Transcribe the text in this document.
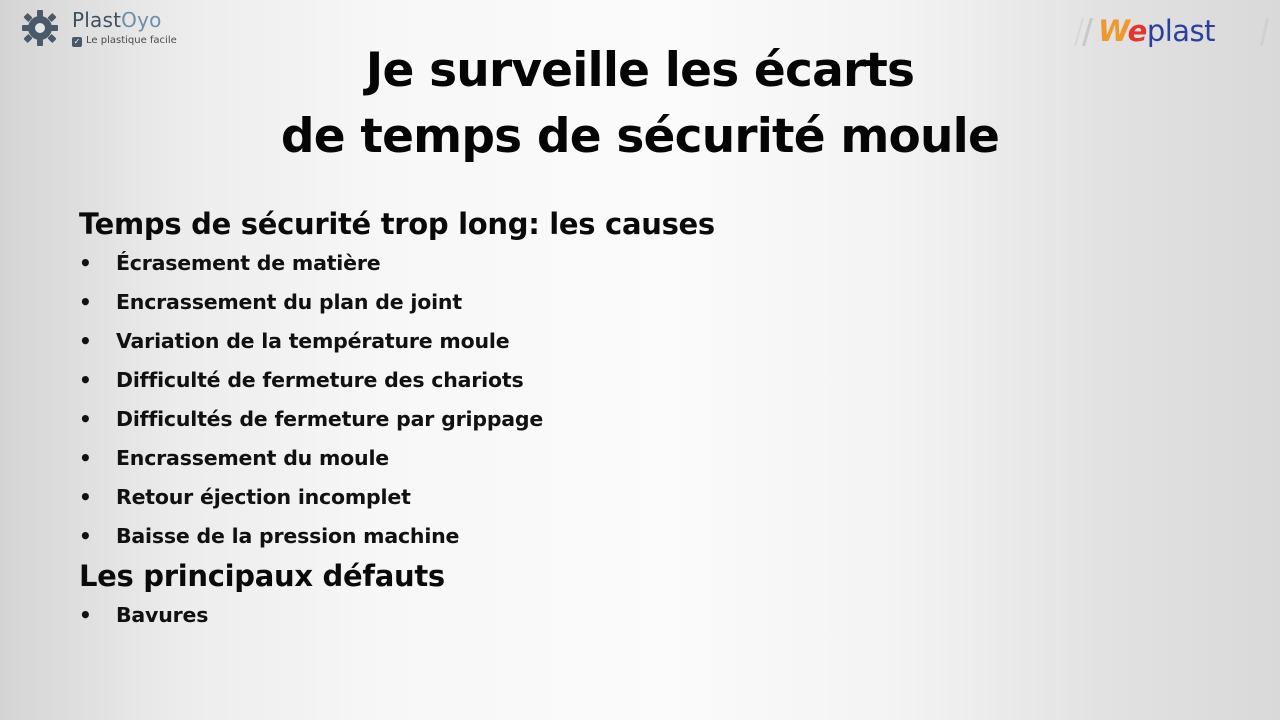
PlastOyo
✓ Le plastique facile	Weplast
Je surveille les écarts
de temps de sécurité moule
Temps de sécurité trop long: les causes
• Écrasement de matière
• Encrassement du plan de joint
• Variation de la température moule
• Difficulté de fermeture des chariots
• Difficultés de fermeture par grippage
• Encrassement du moule
• Retour éjection incomplet
• Baisse de la pression machine
Les principaux défauts
• Bavures
